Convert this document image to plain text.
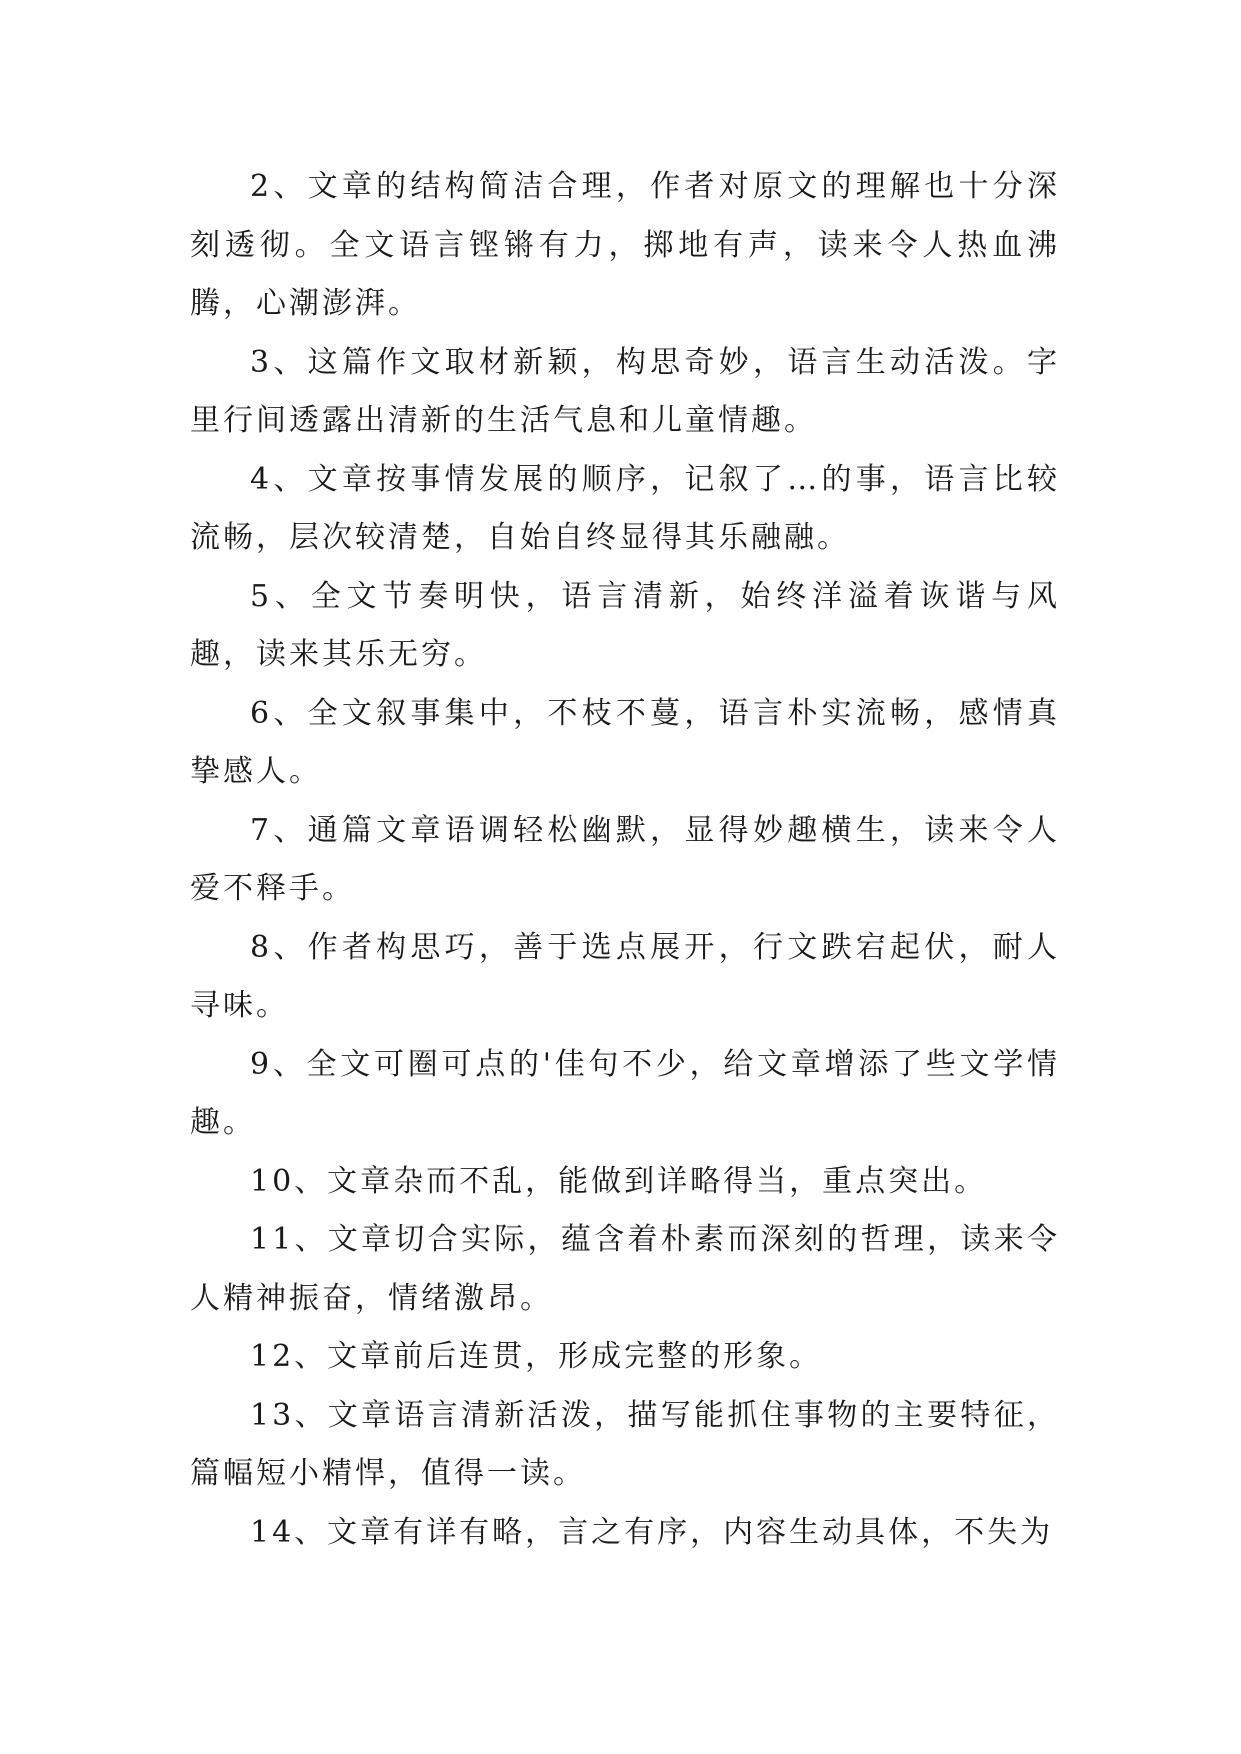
2、文章的结构简洁合理，作者对原文的理解也十分深刻透彻。全文语言铿锵有力，掷地有声，读来令人热血沸腾，心潮澎湃。

3、这篇作文取材新颖，构思奇妙，语言生动活泼。字里行间透露出清新的生活气息和儿童情趣。

4、文章按事情发展的顺序，记叙了…的事，语言比较流畅，层次较清楚，自始自终显得其乐融融。

5、全文节奏明快，语言清新，始终洋溢着诙谐与风趣，读来其乐无穷。

6、全文叙事集中，不枝不蔓，语言朴实流畅，感情真挚感人。

7、通篇文章语调轻松幽默，显得妙趣横生，读来令人爱不释手。

8、作者构思巧，善于选点展开，行文跌宕起伏，耐人寻味。

9、全文可圈可点的'佳句不少，给文章增添了些文学情趣。

10、文章杂而不乱，能做到详略得当，重点突出。

11、文章切合实际，蕴含着朴素而深刻的哲理，读来令人精神振奋，情绪激昂。

12、文章前后连贯，形成完整的形象。

13、文章语言清新活泼，描写能抓住事物的主要特征，篇幅短小精悍，值得一读。

14、文章有详有略，言之有序，内容生动具体，不失为
